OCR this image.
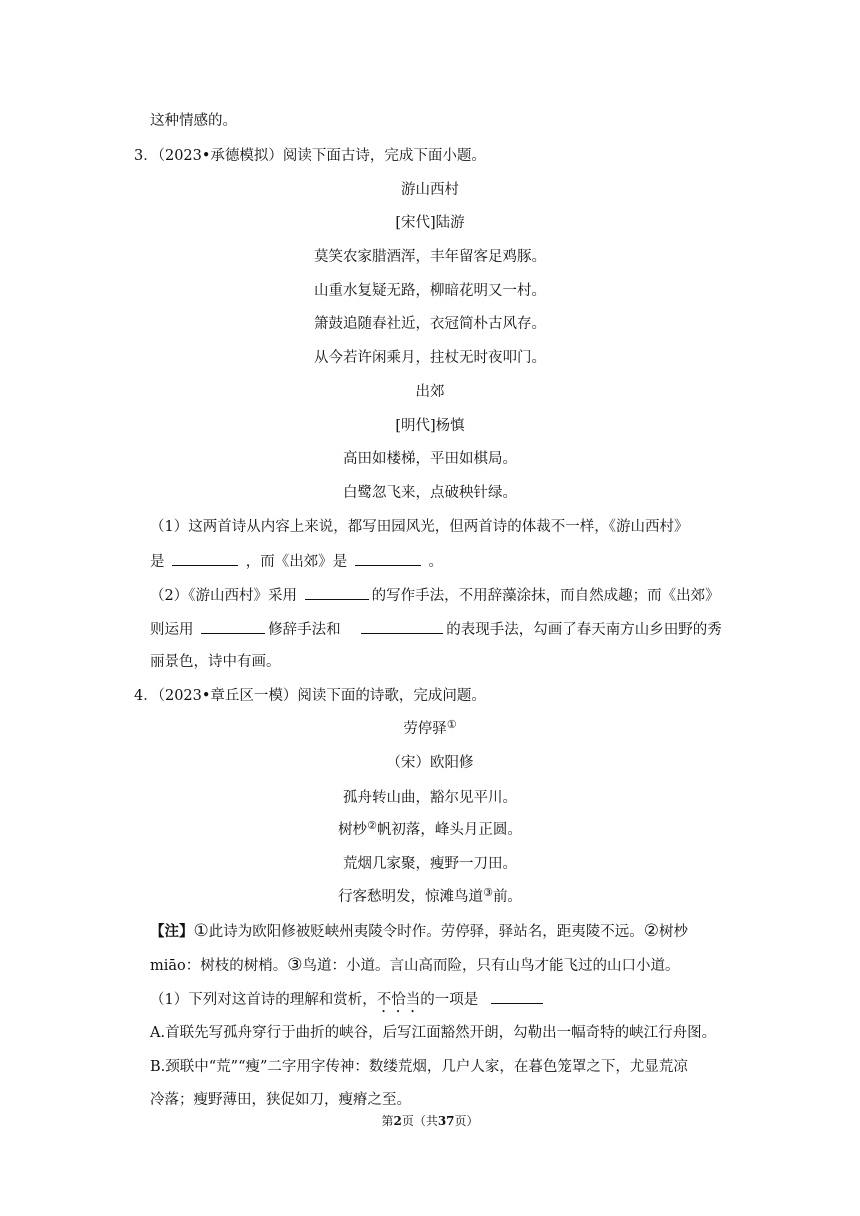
这种情感的。
3．（2023•承德模拟）阅读下面古诗，完成下面小题。
游山西村
[宋代]陆游
莫笑农家腊酒浑，丰年留客足鸡豚。
山重水复疑无路，柳暗花明又一村。
箫鼓追随春社近，衣冠简朴古风存。
从今若许闲乘月，拄杖无时夜叩门。
出郊
[明代]杨慎
高田如楼梯，平田如棋局。
白鹭忽飞来，点破秧针绿。
（1）这两首诗从内容上来说，都写田园风光，但两首诗的体裁不一样，《游山西村》
是	，而《出郊》是	。
（2）《游山西村》采用	的写作手法，不用辞藻涂抹，而自然成趣；而《出郊》
则运用	修辞手法和	的表现手法，勾画了春天南方山乡田野的秀
丽景色，诗中有画。
4．（2023•章丘区一模）阅读下面的诗歌，完成问题。
劳停驿①
（宋）欧阳修
孤舟转山曲，豁尔见平川。
树杪②帆初落，峰头月正圆。
荒烟几家聚，瘦野一刀田。
行客愁明发，惊滩鸟道③前。
【注】①此诗为欧阳修被贬峡州夷陵令时作。劳停驿，驿站名，距夷陵不远。②树杪
miāo：树枝的树梢。③鸟道：小道。言山高而险，只有山鸟才能飞过的山口小道。
（1）下列对这首诗的理解和赏析，不恰当的一项是
A.首联先写孤舟穿行于曲折的峡谷，后写江面豁然开朗，勾勒出一幅奇特的峡江行舟图。
B.颈联中“荒”“瘦”二字用字传神：数缕荒烟，几户人家，在暮色笼罩之下，尤显荒凉
冷落；瘦野薄田，狭促如刀，瘦瘠之至。
第2页（共37页）
